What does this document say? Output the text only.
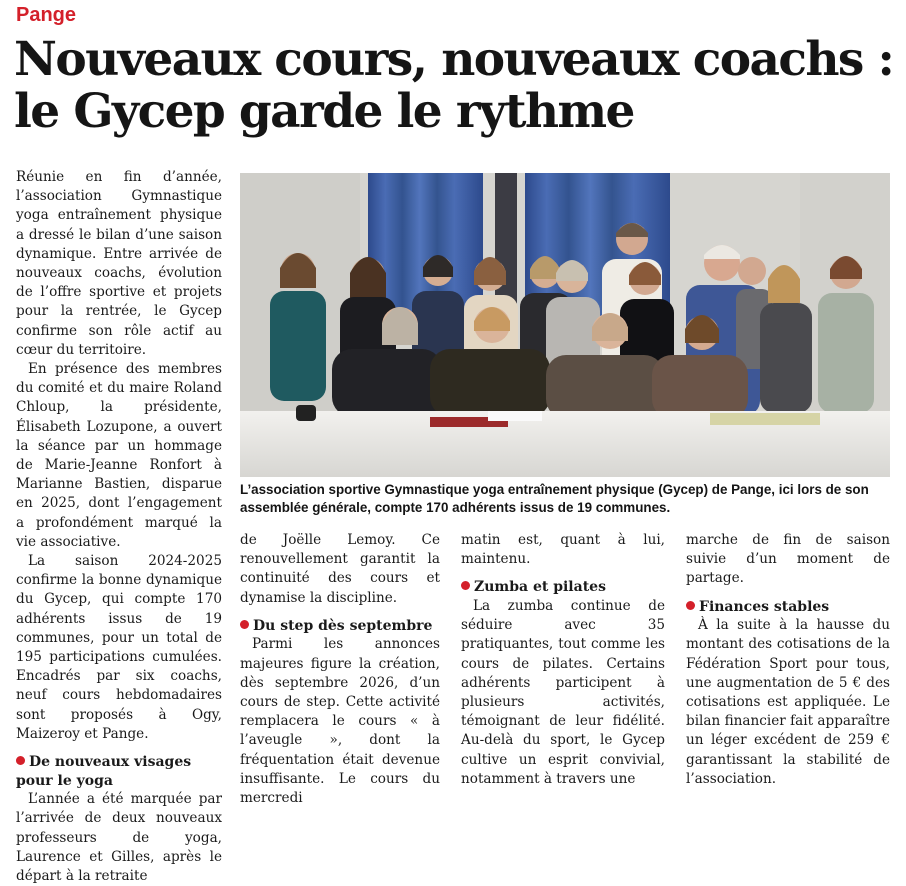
Pange
Nouveaux cours, nouveaux coachs :
le Gycep garde le rythme

Réunie en fin d’année, l’association Gymnastique yoga entraînement physique a dressé le bilan d’une saison dynamique. Entre arrivée de nouveaux coachs, évolution de l’offre sportive et projets pour la rentrée, le Gycep confirme son rôle actif au cœur du territoire.

En présence des membres du comité et du maire Roland Chloup, la présidente, Élisabeth Lozupone, a ouvert la séance par un hommage de Marie-Jeanne Ronfort à Marianne Bastien, disparue en 2025, dont l’engagement a profondément marqué la vie associative.

La saison 2024-2025 confirme la bonne dynamique du Gycep, qui compte 170 adhérents issus de 19 communes, pour un total de 195 participations cumulées. Encadrés par six coachs, neuf cours hebdomadaires sont proposés à Ogy, Maizeroy et Pange.

De nouveaux visages pour le yoga

L’année a été marquée par l’arrivée de deux nouveaux professeurs de yoga, Laurence et Gilles, après le départ à la retraite

L’association sportive Gymnastique yoga entraînement physique (Gycep) de Pange, ici lors de son assemblée générale, compte 170 adhérents issus de 19 communes.

de Joëlle Lemoy. Ce renouvellement garantit la continuité des cours et dynamise la discipline.

Du step dès septembre

Parmi les annonces majeures figure la création, dès septembre 2026, d’un cours de step. Cette activité remplacera le cours « à l’aveugle », dont la fréquentation était devenue insuffisante. Le cours du mercredi

matin est, quant à lui, maintenu.

Zumba et pilates

La zumba continue de séduire avec 35 pratiquantes, tout comme les cours de pilates. Certains adhérents participent à plusieurs activités, témoignant de leur fidélité. Au-delà du sport, le Gycep cultive un esprit convivial, notamment à travers une

marche de fin de saison suivie d’un moment de partage.

Finances stables

À la suite à la hausse du montant des cotisations de la Fédération Sport pour tous, une augmentation de 5 € des cotisations est appliquée. Le bilan financier fait apparaître un léger excédent de 259 € garantissant la stabilité de l’association.
